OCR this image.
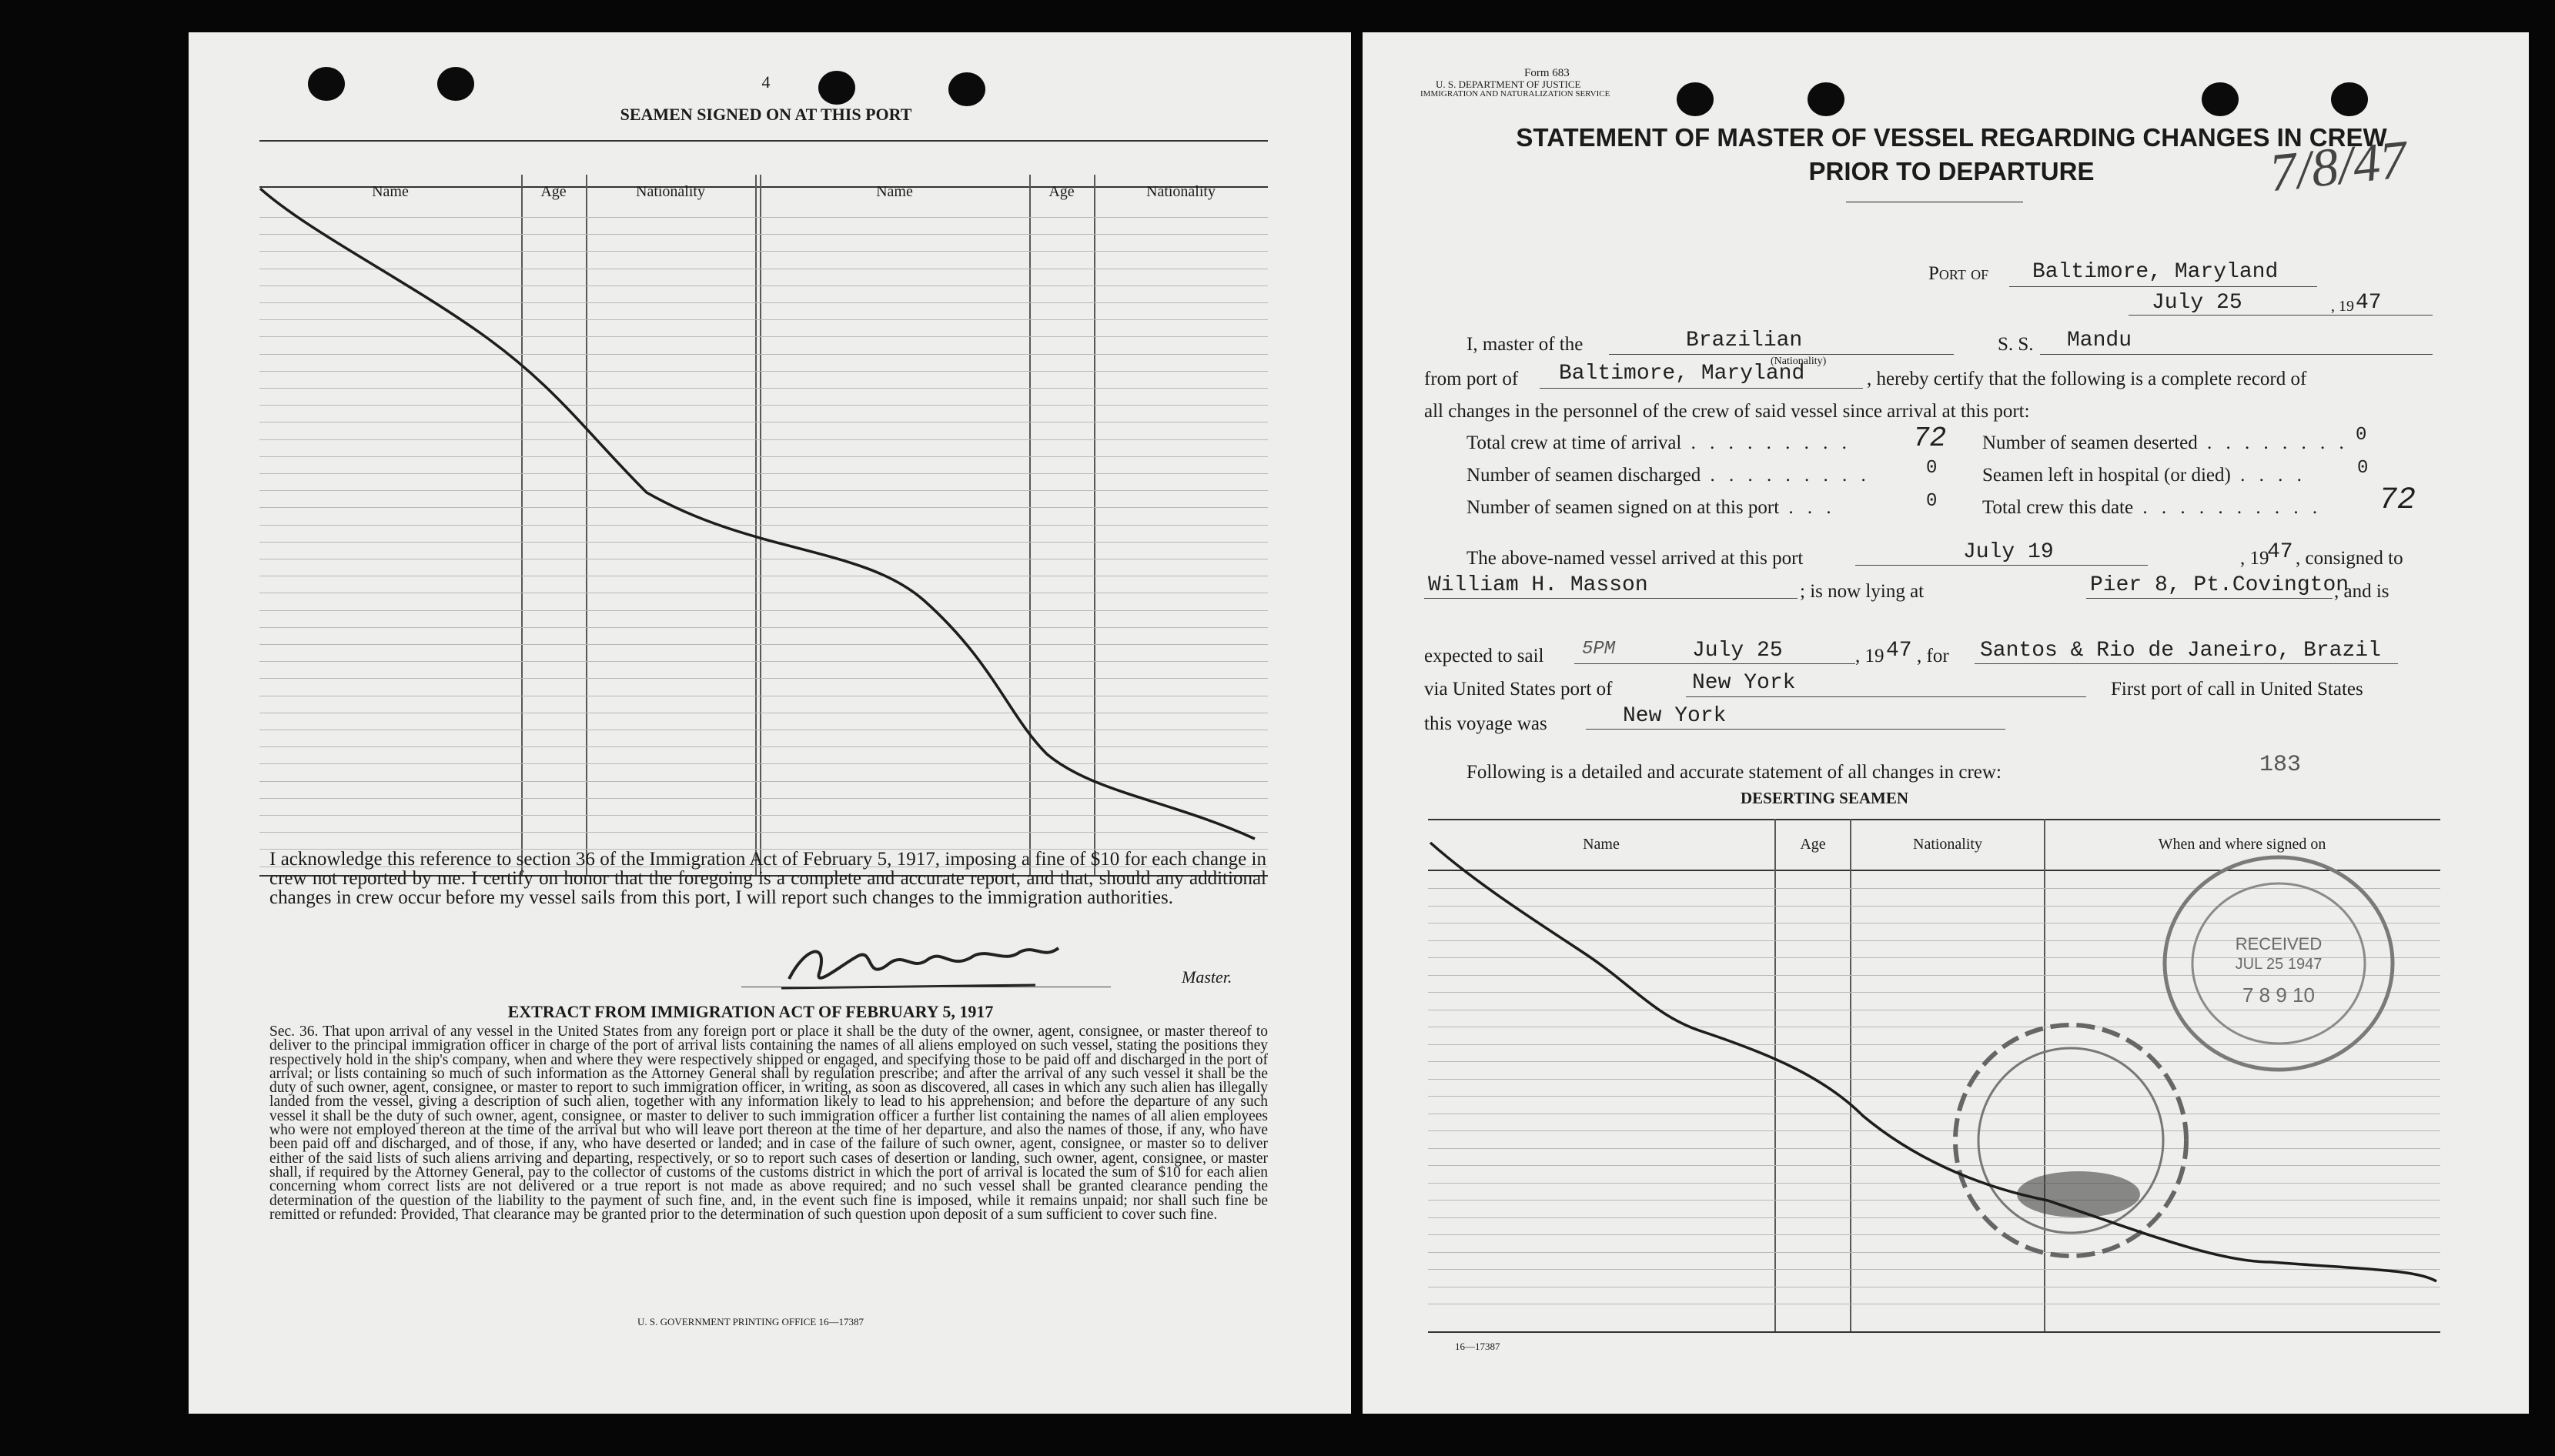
4
SEAMEN SIGNED ON AT THIS PORT
Name	Age	Nationality	Name	Age	Nationality
I acknowledge this reference to section 36 of the Immigration Act of February 5, 1917, imposing a fine of $10 for each change in crew not reported by me. I certify on honor that the foregoing is a complete and accurate report, and that, should any additional changes in crew occur before my vessel sails from this port, I will report such changes to the immigration authorities.
Master.
EXTRACT FROM IMMIGRATION ACT OF FEBRUARY 5, 1917
Sec. 36. That upon arrival of any vessel in the United States from any foreign port or place it shall be the duty of the owner, agent, consignee, or master thereof to deliver to the principal immigration officer in charge of the port of arrival lists containing the names of all aliens employed on such vessel, stating the positions they respectively hold in the ship's company, when and where they were respectively shipped or engaged, and specifying those to be paid off and discharged in the port of arrival; or lists containing so much of such information as the Attorney General shall by regulation prescribe; and after the arrival of any such vessel it shall be the duty of such owner, agent, consignee, or master to report to such immigration officer, in writing, as soon as discovered, all cases in which any such alien has illegally landed from the vessel, giving a description of such alien, together with any information likely to lead to his apprehension; and before the departure of any such vessel it shall be the duty of such owner, agent, consignee, or master to deliver to such immigration officer a further list containing the names of all alien employees who were not employed thereon at the time of the arrival but who will leave port thereon at the time of her departure, and also the names of those, if any, who have been paid off and discharged, and of those, if any, who have deserted or landed; and in case of the failure of such owner, agent, consignee, or master so to deliver either of the said lists of such aliens arriving and departing, respectively, or so to report such cases of desertion or landing, such owner, agent, consignee, or master shall, if required by the Attorney General, pay to the collector of customs of the customs district in which the port of arrival is located the sum of $10 for each alien concerning whom correct lists are not delivered or a true report is not made as above required; and no such vessel shall be granted clearance pending the determination of the question of the liability to the payment of such fine, and, in the event such fine is imposed, while it remains unpaid; nor shall such fine be remitted or refunded: Provided, That clearance may be granted prior to the determination of such question upon deposit of a sum sufficient to cover such fine.
U. S. GOVERNMENT PRINTING OFFICE 16—17387
Form 683
U. S. DEPARTMENT OF JUSTICE
IMMIGRATION AND NATURALIZATION SERVICE
STATEMENT OF MASTER OF VESSEL REGARDING CHANGES IN CREW
PRIOR TO DEPARTURE	7/8/47
Port of Baltimore, Maryland
July 25	, 19 47
I, master of the	Brazilian
(Nationality)
S. S. Mandu
from port of Baltimore, Maryland	, hereby certify that the following is a complete record of
all changes in the personnel of the crew of said vessel since arrival at this port:
Total crew at time of arrival . . . . . . . . . 72 Number of seamen deserted . . . . . . . . 0
Number of seamen discharged . . . . . . . . .	0 Seamen left in hospital (or died) . . . .	0
Number of seamen signed on at this port . . .	0 Total crew this date . . . . . . . . . . 72
The above-named vessel arrived at this port	July 19	, 19
47 , consigned to
William H. Masson	; is now lying at	Pier 8, Pt.Covington
, and is
expected to sail 5PM	July 25	, 19 47 , for Santos & Rio de Janeiro, Brazil
via United States port of	New York	First port of call in United States
this voyage was	New York
Following is a detailed and accurate statement of all changes in crew:	183
DESERTING SEAMEN
Name	Age	Nationality	When and where signed on
16—17387
7 8 9 10
RECEIVED
JUL 25 1947
